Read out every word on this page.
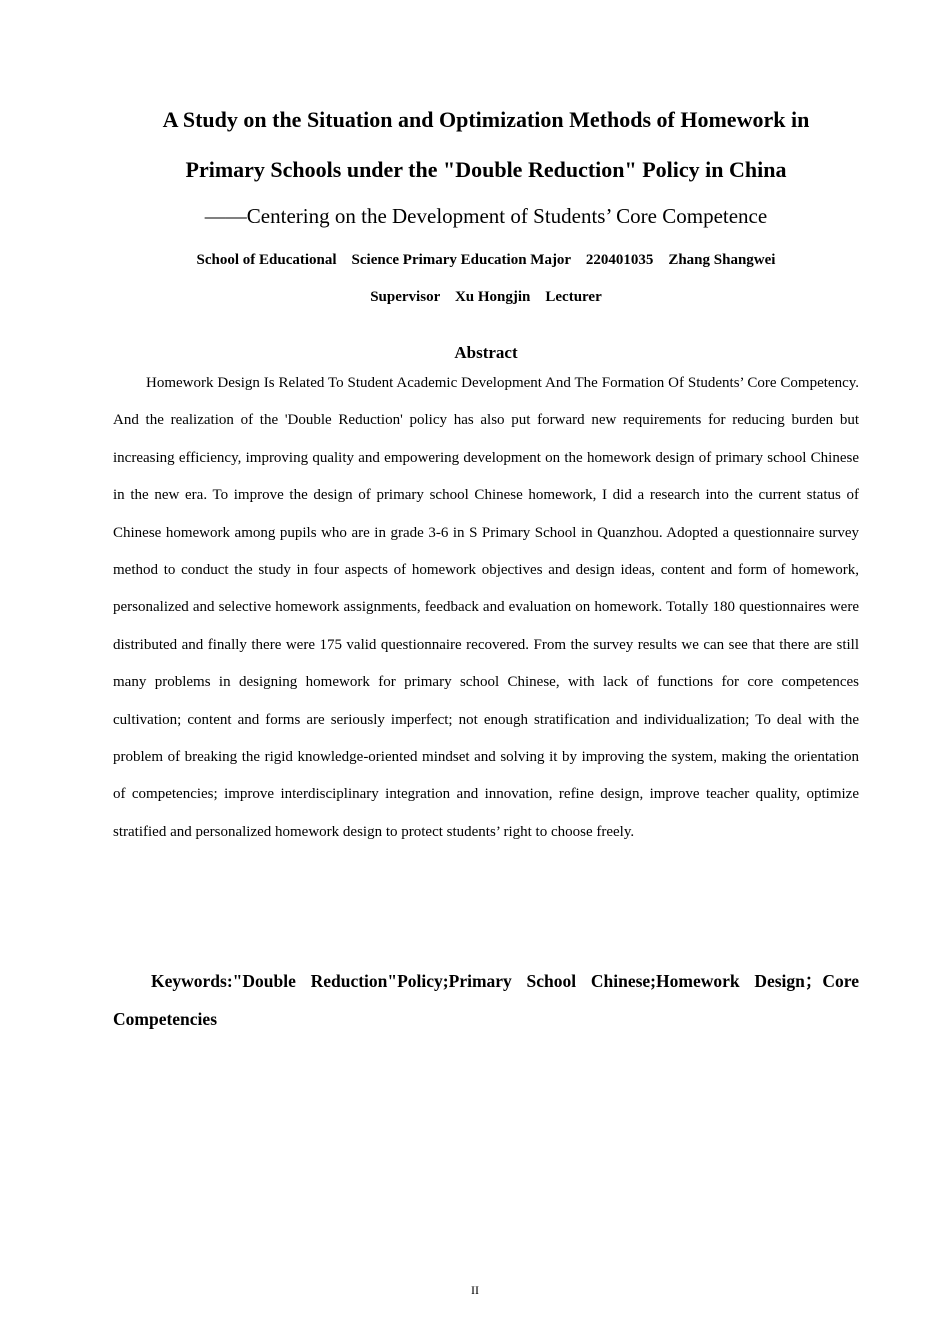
A Study on the Situation and Optimization Methods of Homework in
Primary Schools under the "Double Reduction" Policy in China

——Centering on the Development of Students’ Core Competence

School of Educational    Science Primary Education Major    220401035    Zhang Shangwei
Supervisor    Xu Hongjin    Lecturer
Abstract

Homework Design Is Related To Student Academic Development And The Formation Of Students’ Core Competency. And the realization of the 'Double Reduction' policy has also put forward new requirements for reducing burden but increasing efficiency, improving quality and empowering development on the homework design of primary school Chinese in the new era. To improve the design of primary school Chinese homework, I did a research into the current status of Chinese homework among pupils who are in grade 3-6 in S Primary School in Quanzhou. Adopted a questionnaire survey method to conduct the study in four aspects of homework objectives and design ideas, content and form of homework, personalized and selective homework assignments, feedback and evaluation on homework. Totally 180 questionnaires were distributed and finally there were 175 valid questionnaire recovered. From the survey results we can see that there are still many problems in designing homework for primary school Chinese, with lack of functions for core competences cultivation; content and forms are seriously imperfect; not enough stratification and individualization; To deal with the problem of breaking the rigid knowledge-oriented mindset and solving it by improving the system, making the orientation of competencies; improve interdisciplinary integration and innovation, refine design, improve teacher quality, optimize stratified and personalized homework design to protect students’ right to choose freely.

Keywords:"Double Reduction"Policy;Primary School Chinese;Homework Design；Core Competencies

II
